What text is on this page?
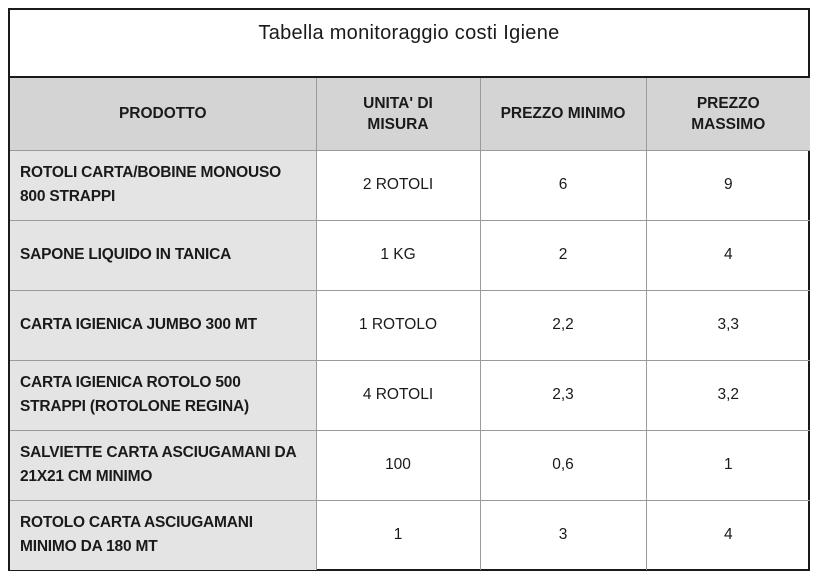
Tabella monitoraggio costi Igiene
PRODOTTO	UNITA' DI MISURA	PREZZO MINIMO	PREZZO MASSIMO
ROTOLI CARTA/BOBINE MONOUSO 800 STRAPPI	2 ROTOLI	6	9
SAPONE LIQUIDO IN TANICA	1 KG	2	4
CARTA IGIENICA JUMBO 300 MT	1 ROTOLO	2,2	3,3
CARTA IGIENICA ROTOLO 500 STRAPPI (ROTOLONE REGINA)	4 ROTOLI	2,3	3,2
SALVIETTE CARTA ASCIUGAMANI DA 21X21 CM MINIMO	100	0,6	1
ROTOLO CARTA ASCIUGAMANI MINIMO DA 180 MT	1	3	4
